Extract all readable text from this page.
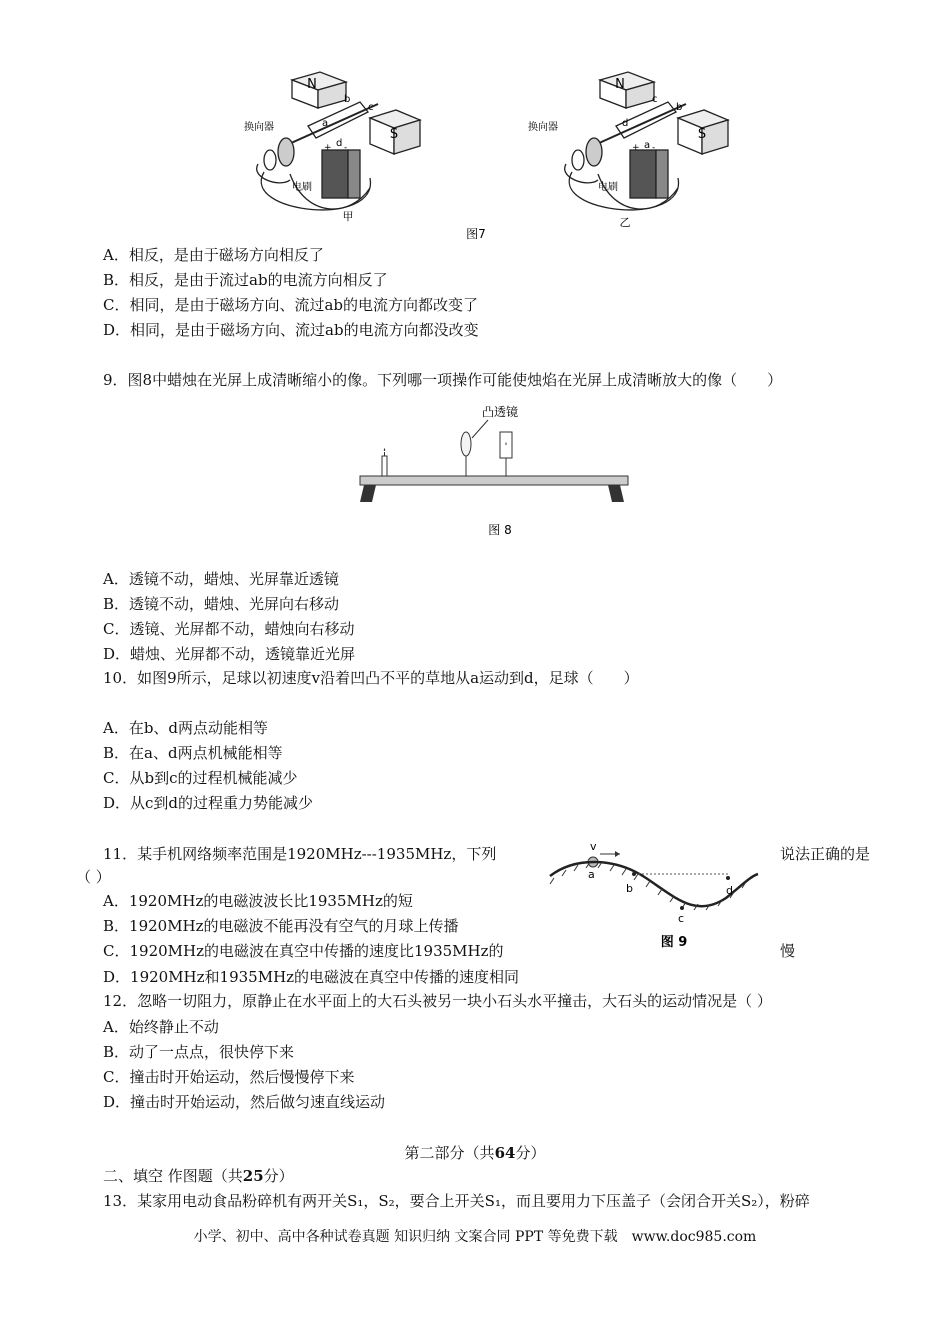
N
S
换向器
电刷
a
b
c
d
+ -
甲
N
S
换向器
电刷
d
c
b
a
+ -
乙
图7
A．相反，是由于磁场方向相反了
B．相反，是由于流过ab的电流方向相反了
C．相同，是由于磁场方向、流过ab的电流方向都改变了
D．相同，是由于磁场方向、流过ab的电流方向都没改变
9．图8中蜡烛在光屏上成清晰缩小的像。下列哪一项操作可能使烛焰在光屏上成清晰放大的像（　　）
凸透镜
图 8
A．透镜不动，蜡烛、光屏靠近透镜
B．透镜不动，蜡烛、光屏向右移动
C．透镜、光屏都不动，蜡烛向右移动
D．蜡烛、光屏都不动，透镜靠近光屏
10．如图9所示，足球以初速度v沿着凹凸不平的草地从a运动到d，足球（　　）
A．在b、d两点动能相等
B．在a、d两点机械能相等
C．从b到c的过程机械能减少
D．从c到d的过程重力势能减少
v
a
b
c
d
图 9
11．某手机网络频率范围是1920MHz---1935MHz，下列	说法正确的是
（ ）
A．1920MHz的电磁波波长比1935MHz的短
B．1920MHz的电磁波不能再没有空气的月球上传播
C．1920MHz的电磁波在真空中传播的速度比1935MHz的	慢
D．1920MHz和1935MHz的电磁波在真空中传播的速度相同
12．忽略一切阻力，原静止在水平面上的大石头被另一块小石头水平撞击，大石头的运动情况是（ ）
A．始终静止不动
B．动了一点点，很快停下来
C．撞击时开始运动，然后慢慢停下来
D．撞击时开始运动，然后做匀速直线运动
第二部分（共64分）
二、填空 作图题（共25分）
13．某家用电动食品粉碎机有两开关S₁，S₂，要合上开关S₁，而且要用力下压盖子（会闭合开关S₂），粉碎
小学、初中、高中各种试卷真题 知识归纳 文案合同 PPT 等免费下载　www.doc985.com
